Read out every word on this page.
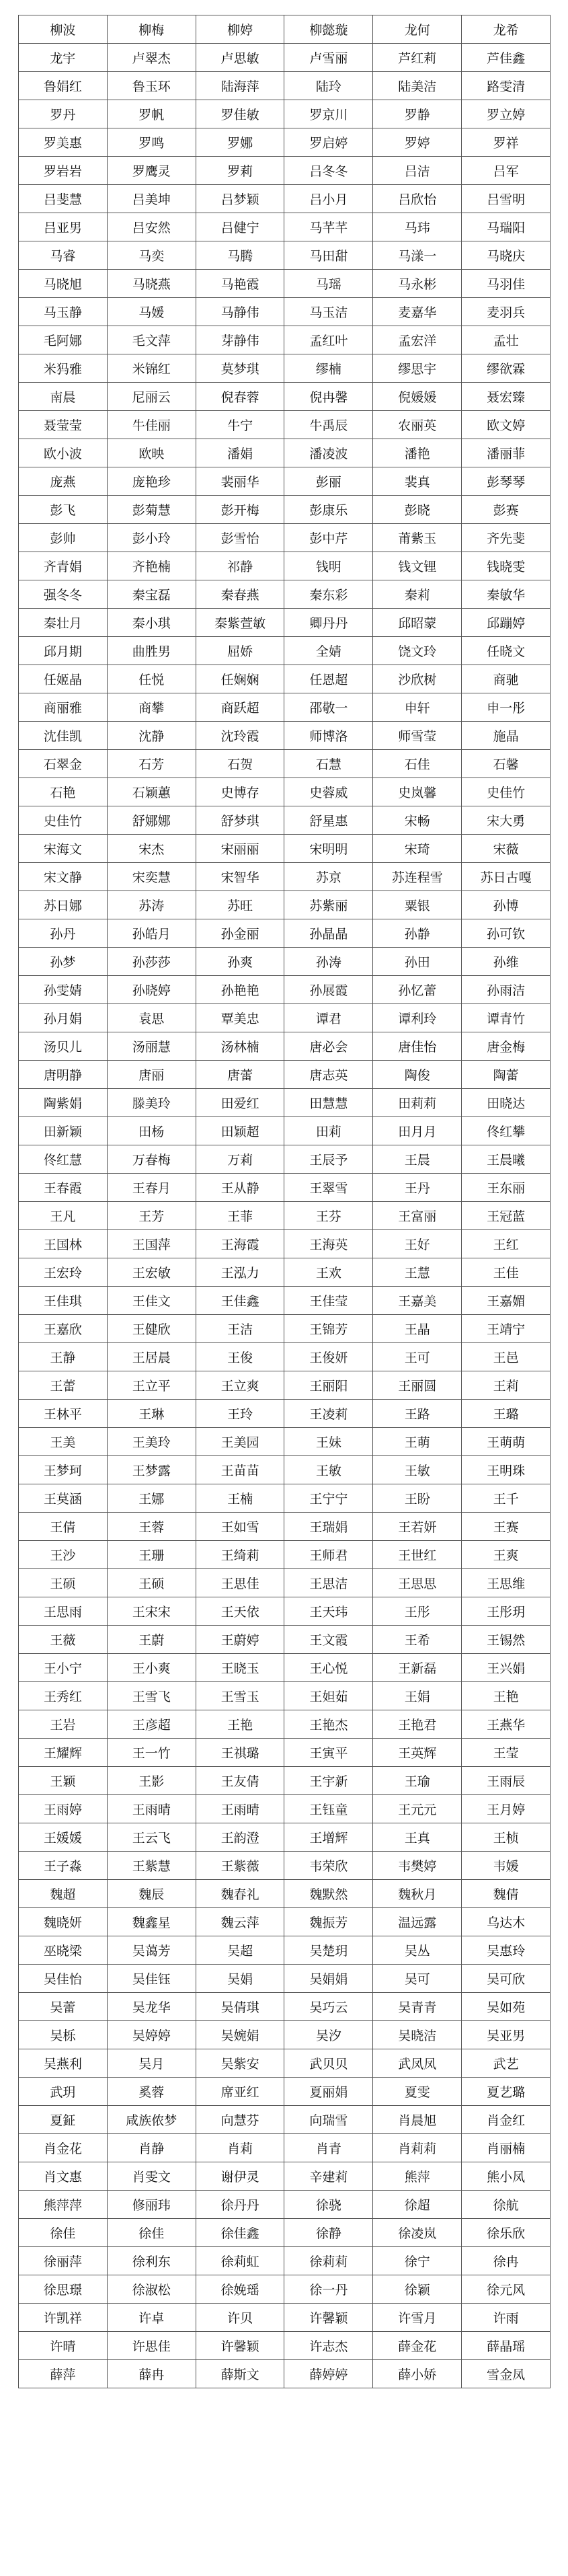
柳波	柳梅	柳婷	柳懿璇	龙何	龙希
龙宇	卢翠杰	卢思敏	卢雪丽	芦红莉	芦佳鑫
鲁娟红	鲁玉环	陆海萍	陆玲	陆美洁	路雯清
罗丹	罗帆	罗佳敏	罗京川	罗静	罗立婷
罗美惠	罗鸣	罗娜	罗启婷	罗婷	罗祥
罗岩岩	罗鹰灵	罗莉	吕冬冬	吕洁	吕军
吕斐慧	吕美坤	吕梦颖	吕小月	吕欣怡	吕雪明
吕亚男	吕安然	吕健宁	马芊芊	马玮	马瑞阳
马睿	马奕	马腾	马田甜	马漾一	马晓庆
马晓旭	马晓燕	马艳霞	马瑶	马永彬	马羽佳
马玉静	马媛	马静伟	马玉洁	麦嘉华	麦羽兵
毛阿娜	毛文萍	芽静伟	孟红叶	孟宏洋	孟壮
米犸雅	米锦红	莫梦琪	缪楠	缪思宇	缪欲霖
南晨	尼丽云	倪春蓉	倪冉馨	倪媛媛	聂宏臻
聂莹莹	牛佳丽	牛宁	牛禹辰	农丽英	欧文婷
欧小波	欧映	潘娟	潘凌波	潘艳	潘丽菲
庞燕	庞艳珍	裴丽华	彭丽	裴真	彭琴琴
彭飞	彭菊慧	彭开梅	彭康乐	彭晓	彭赛
彭帅	彭小玲	彭雪怡	彭中芹	莆紫玉	齐先斐
齐青娟	齐艳楠	祁静	钱明	钱文锂	钱晓雯
强冬冬	秦宝磊	秦春燕	秦东彩	秦莉	秦敏华
秦壮月	秦小琪	秦紫萱敏	卿丹丹	邱昭蒙	邱蹦婷
邱月期	曲胜男	屈娇	全婧	饶文玲	任晓文
任姬晶	任悦	任娴娴	任恩超	沙欣树	商驰
商丽雅	商攀	商跃超	邵敬一	申轩	申一彤
沈佳凯	沈静	沈玲霞	师博洛	师雪莹	施晶
石翠金	石芳	石贺	石慧	石佳	石馨
石艳	石颖蕙	史博存	史蓉威	史岚馨	史佳竹
史佳竹	舒娜娜	舒梦琪	舒星惠	宋畅	宋大勇
宋海文	宋杰	宋丽丽	宋明明	宋琦	宋薇
宋文静	宋奕慧	宋智华	苏京	苏连程雪	苏日古嘎
苏日娜	苏涛	苏旺	苏紫丽	粟银	孙博
孙丹	孙皓月	孙金丽	孙晶晶	孙静	孙可钦
孙梦	孙莎莎	孙爽	孙涛	孙田	孙维
孙雯婧	孙晓婷	孙艳艳	孙展霞	孙忆蕾	孙雨洁
孙月娟	袁思	覃美忠	谭君	谭利玲	谭青竹
汤贝儿	汤丽慧	汤林楠	唐必会	唐佳怡	唐金梅
唐明静	唐丽	唐蕾	唐志英	陶俊	陶蕾
陶紫娟	滕美玲	田爱红	田慧慧	田莉莉	田晓达
田新颖	田杨	田颖超	田莉	田月月	佟红攀
佟红慧	万春梅	万莉	王辰予	王晨	王晨曦
王春霞	王春月	王从静	王翠雪	王丹	王东丽
王凡	王芳	王菲	王芬	王富丽	王冠蓝
王国林	王国萍	王海霞	王海英	王好	王红
王宏玲	王宏敏	王泓力	王欢	王慧	王佳
王佳琪	王佳文	王佳鑫	王佳莹	王嘉美	王嘉媚
王嘉欣	王健欣	王洁	王锦芳	王晶	王靖宁
王静	王居晨	王俊	王俊妍	王可	王邑
王蕾	王立平	王立爽	王丽阳	王丽圆	王莉
王林平	王琳	王玲	王凌莉	王路	王璐
王美	王美玲	王美园	王妹	王萌	王萌萌
王梦珂	王梦露	王苗苗	王敏	王敏	王明珠
王莫涵	王娜	王楠	王宁宁	王盼	王千
王倩	王蓉	王如雪	王瑞娟	王若妍	王赛
王沙	王珊	王绮莉	王师君	王世红	王爽
王硕	王硕	王思佳	王思洁	王思思	王思维
王思雨	王宋宋	王天依	王天玮	王彤	王彤玥
王薇	王蔚	王蔚婷	王文霞	王希	王锡然
王小宁	王小爽	王晓玉	王心悦	王新磊	王兴娟
王秀红	王雪飞	王雪玉	王妲茹	王娟	王艳
王岩	王彦超	王艳	王艳杰	王艳君	王燕华
王耀辉	王一竹	王祺璐	王寅平	王英辉	王莹
王颖	王影	王友倩	王宇新	王瑜	王雨辰
王雨婷	王雨晴	王雨晴	王钰童	王元元	王月婷
王媛媛	王云飞	王韵澄	王增辉	王真	王桢
王子淼	王紫慧	王紫薇	韦荣欣	韦樊婷	韦媛
魏超	魏辰	魏春礼	魏默然	魏秋月	魏倩
魏晓妍	魏鑫星	魏云萍	魏振芳	温远露	乌达木
巫晓梁	吴蔼芳	吴超	吴楚玥	吴丛	吴惠玲
吴佳怡	吴佳钰	吴娟	吴娟娟	吴可	吴可欣
吴蕾	吴龙华	吴倩琪	吴巧云	吴青青	吴如苑
吴栎	吴婷婷	吴婉娟	吴汐	吴晓洁	吴亚男
吴燕利	吴月	吴紫安	武贝贝	武凤凤	武艺
武玥	奚蓉	席亚红	夏丽娟	夏雯	夏艺璐
夏鉦	咸族侬梦	向慧芬	向瑞雪	肖晨旭	肖金红
肖金花	肖静	肖莉	肖青	肖莉莉	肖丽楠
肖文惠	肖雯文	谢伊灵	辛建莉	熊萍	熊小凤
熊萍萍	修丽玮	徐丹丹	徐骁	徐超	徐航
徐佳	徐佳	徐佳鑫	徐静	徐凌岚	徐乐欣
徐丽萍	徐利东	徐莉虹	徐莉莉	徐宁	徐冉
徐思璟	徐淑松	徐娩瑶	徐一丹	徐颖	徐元风
许凯祥	许卓	许贝	许馨颖	许雪月	许雨
许晴	许思佳	许馨颖	许志杰	薛金花	薛晶瑶
薛萍	薛冉	薛斯文	薛婷婷	薛小娇	雪金凤
